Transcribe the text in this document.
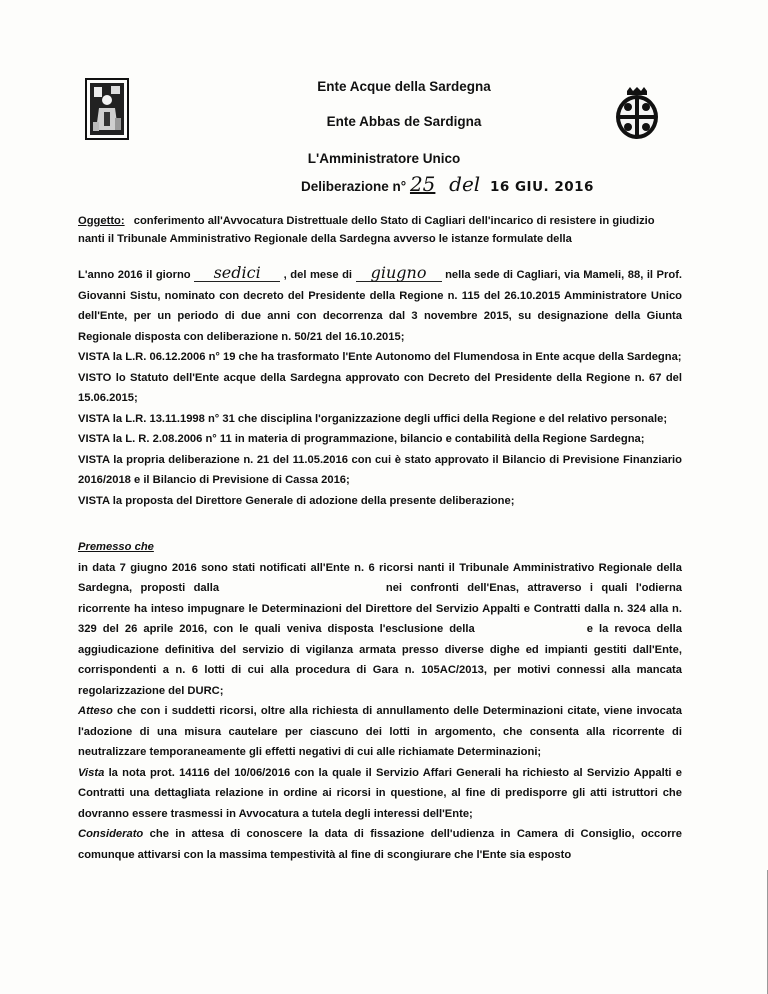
Ente Acque della Sardegna
Ente Abbas de Sardigna
L'Amministratore Unico
Deliberazione n° 25 del 16 GIU. 2016
Oggetto: conferimento all'Avvocatura Distrettuale dello Stato di Cagliari dell'incarico di resistere in giudizio nanti il Tribunale Amministrativo Regionale della Sardegna avverso le istanze formulate della

L'anno 2016 il giorno sedici , del mese di giugno nella sede di Cagliari, via Mameli, 88, il Prof. Giovanni Sistu, nominato con decreto del Presidente della Regione n. 115 del 26.10.2015 Amministratore Unico dell'Ente, per un periodo di due anni con decorrenza dal 3 novembre 2015, su designazione della Giunta Regionale disposta con deliberazione n. 50/21 del 16.10.2015;

VISTA la L.R. 06.12.2006 n° 19 che ha trasformato l'Ente Autonomo del Flumendosa in Ente acque della Sardegna;

VISTO lo Statuto dell'Ente acque della Sardegna approvato con Decreto del Presidente della Regione n. 67 del 15.06.2015;

VISTA la L.R. 13.11.1998 n° 31 che disciplina l'organizzazione degli uffici della Regione e del relativo personale;

VISTA la L. R. 2.08.2006 n° 11 in materia di programmazione, bilancio e contabilità della Regione Sardegna;

VISTA la propria deliberazione n. 21 del 11.05.2016 con cui è stato approvato il Bilancio di Previsione Finanziario 2016/2018 e il Bilancio di Previsione di Cassa 2016;

VISTA la proposta del Direttore Generale di adozione della presente deliberazione;

Premesso che

in data 7 giugno 2016 sono stati notificati all'Ente n. 6 ricorsi nanti il Tribunale Amministrativo Regionale della Sardegna, proposti dalla	nei confronti dell'Enas, attraverso i quali l'odierna ricorrente ha inteso impugnare le Determinazioni del Direttore del Servizio Appalti e Contratti dalla n. 324 alla n. 329 del 26 aprile 2016, con le quali veniva disposta l'esclusione della	e la revoca della aggiudicazione definitiva del servizio di vigilanza armata presso diverse dighe ed impianti gestiti dall'Ente, corrispondenti a n. 6 lotti di cui alla procedura di Gara n. 105AC/2013, per motivi connessi alla mancata regolarizzazione del DURC;

Atteso che con i suddetti ricorsi, oltre alla richiesta di annullamento delle Determinazioni citate, viene invocata l'adozione di una misura cautelare per ciascuno dei lotti in argomento, che consenta alla ricorrente di neutralizzare temporaneamente gli effetti negativi di cui alle richiamate Determinazioni;

Vista la nota prot. 14116 del 10/06/2016 con la quale il Servizio Affari Generali ha richiesto al Servizio Appalti e Contratti una dettagliata relazione in ordine ai ricorsi in questione, al fine di predisporre gli atti istruttori che dovranno essere trasmessi in Avvocatura a tutela degli interessi dell'Ente;

Considerato che in attesa di conoscere la data di fissazione dell'udienza in Camera di Consiglio, occorre comunque attivarsi con la massima tempestività al fine di scongiurare che l'Ente sia esposto
